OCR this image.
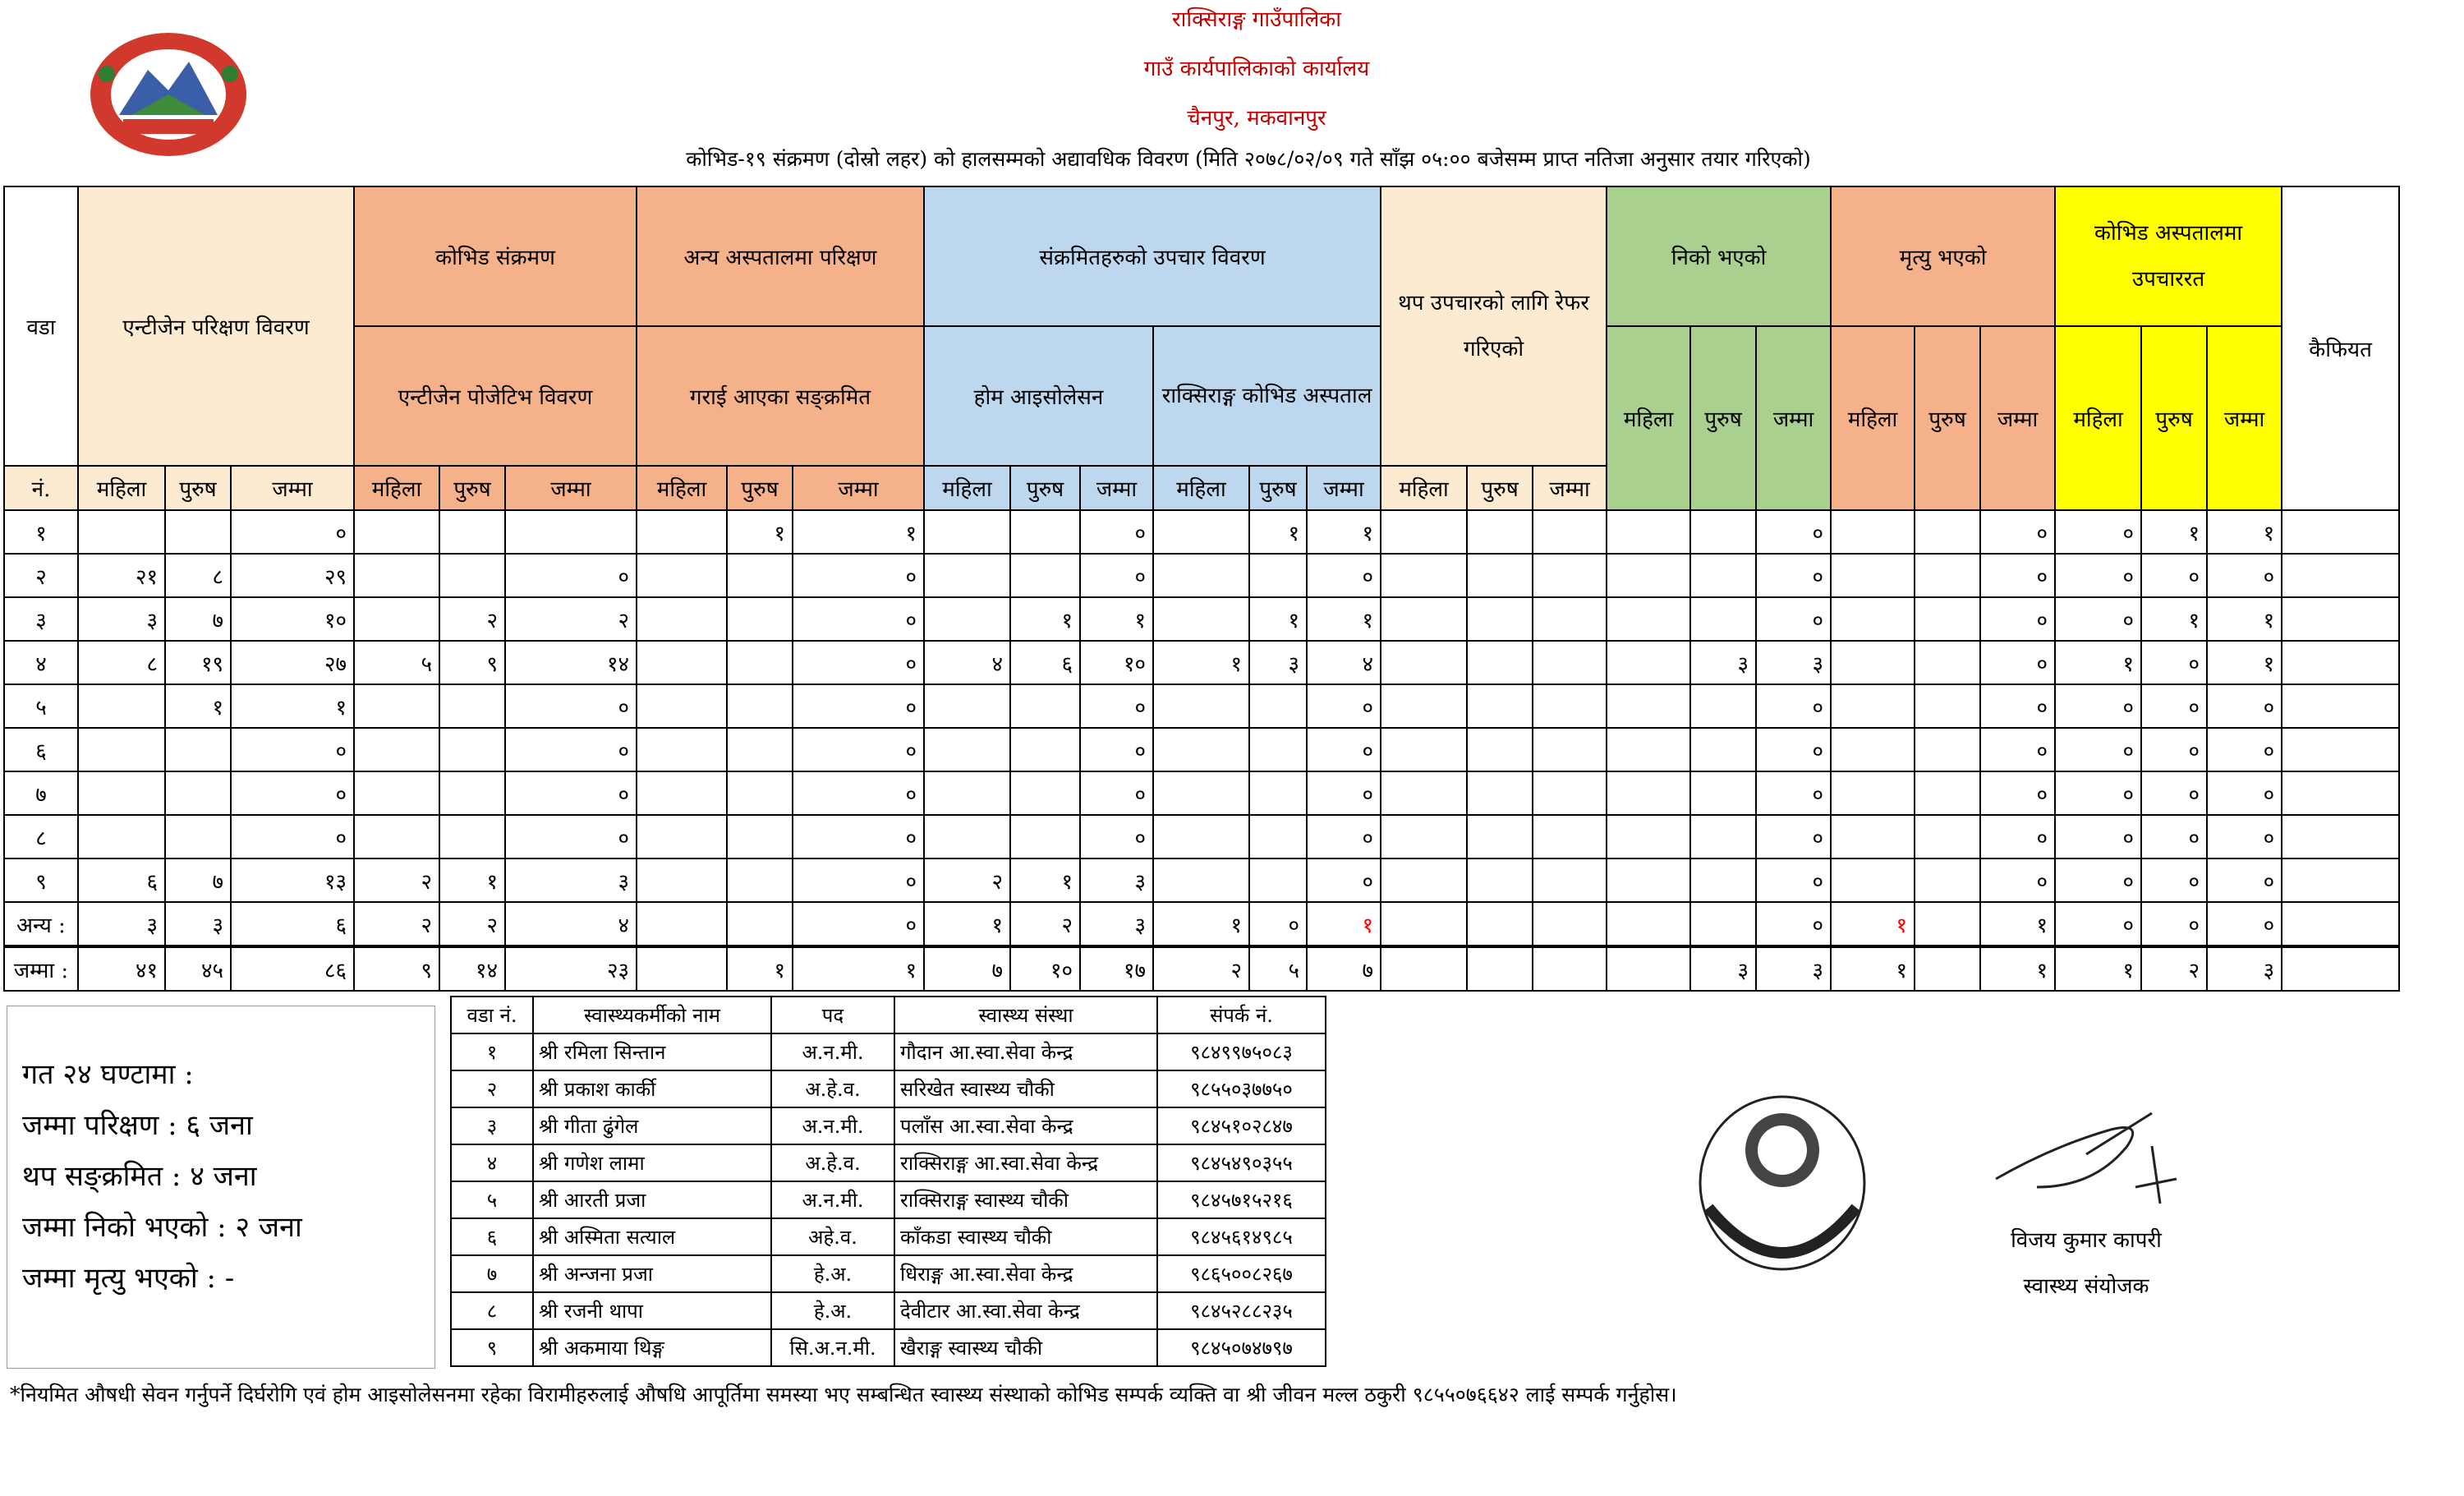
राक्सिराङ्ग गाउँपालिका
गाउँ कार्यपालिकाको कार्यालय
चैनपुर, मकवानपुर
कोभिड-१९ संक्रमण (दोस्रो लहर) को हालसम्मको अद्यावधिक विवरण (मिति २०७८/०२/०९ गते साँझ ०५:०० बजेसम्म प्राप्त नतिजा अनुसार तयार गरिएको)
वडा	एन्टीजेन परिक्षण विवरण			कोभिड संक्रमण			अन्य अस्पतालमा परिक्षण			संक्रमितहरुको उपचार विवरण						थप उपचारको लागि रेफर गरिएको			निको भएको			मृत्यु भएको			कोभिड अस्पतालमा उपचाररत			कैफियत
				एन्टीजेन पोजेटिभ विवरण			गराई आएका सङ्क्रमित			होम आइसोलेसन			राक्सिराङ्ग कोभिड अस्पताल						महिला	पुरुष	जम्मा	महिला	पुरुष	जम्मा	महिला	पुरुष	जम्मा	
नं.	महिला	पुरुष	जम्मा	महिला	पुरुष	जम्मा	महिला	पुरुष	जम्मा	महिला	पुरुष	जम्मा	महिला	पुरुष	जम्मा	महिला	पुरुष	जम्मा										
१			०					१	१			०		१	१						०			०	०	१	१	
२	२१	८	२९			०			०			०			०						०			०	०	०	०	
३	३	७	१०		२	२			०		१	१		१	१						०			०	०	१	१	
४	८	१९	२७	५	९	१४			०	४	६	१०	१	३	४					३	३			०	१	०	१	
५		१	१			०			०			०			०						०			०	०	०	०	
६			०			०			०			०			०						०			०	०	०	०	
७			०			०			०			०			०						०			०	०	०	०	
८			०			०			०			०			०						०			०	०	०	०	
९	६	७	१३	२	१	३			०	२	१	३			०						०			०	०	०	०	
अन्य :	३	३	६	२	२	४			०	१	२	३	१	०	१						०	१		१	०	०	०	
जम्मा :	४१	४५	८६	९	१४	२३		१	१	७	१०	१७	२	५	७					३	३	१		१	१	२	३	
गत २४ घण्टामा :
जम्मा परिक्षण : ६ जना
थप सङ्क्रमित : ४ जना
जम्मा निको भएको : २ जना
जम्मा मृत्यु भएको : -
वडा नं.	स्वास्थ्यकर्मीको नाम	पद	स्वास्थ्य संस्था	संपर्क नं.
१	श्री रमिला सिन्तान	अ.न.मी.	गौदान आ.स्वा.सेवा केन्द्र	९८४९९७५०८३
२	श्री प्रकाश कार्की	अ.हे.व.	सरिखेत स्वास्थ्य चौकी	९८५५०३७७५०
३	श्री गीता ढुंगेल	अ.न.मी.	पलाँस आ.स्वा.सेवा केन्द्र	९८४५१०२८४७
४	श्री गणेश लामा	अ.हे.व.	राक्सिराङ्ग आ.स्वा.सेवा केन्द्र	९८४५४९०३५५
५	श्री आरती प्रजा	अ.न.मी.	राक्सिराङ्ग स्वास्थ्य चौकी	९८४५७१५२१६
६	श्री अस्मिता सत्याल	अहे.व.	काँकडा स्वास्थ्य चौकी	९८४५६१४९८५
७	श्री अन्जना प्रजा	हे.अ.	धिराङ्ग आ.स्वा.सेवा केन्द्र	९८६५००८२६७
८	श्री रजनी थापा	हे.अ.	देवीटार आ.स्वा.सेवा केन्द्र	९८४५२८८२३५
९	श्री अकमाया थिङ्ग	सि.अ.न.मी.	खैराङ्ग स्वास्थ्य चौकी	९८४५०७४७९७
विजय कुमार कापरी
स्वास्थ्य संयोजक
*नियमित औषधी सेवन गर्नुपर्ने दिर्घरोगि एवं होम आइसोलेसनमा रहेका विरामीहरुलाई औषधि आपूर्तिमा समस्या भए सम्बन्धित स्वास्थ्य संस्थाको कोभिड सम्पर्क व्यक्ति वा श्री जीवन मल्ल ठकुरी ९८५५०७६६४२ लाई सम्पर्क गर्नुहोस।
